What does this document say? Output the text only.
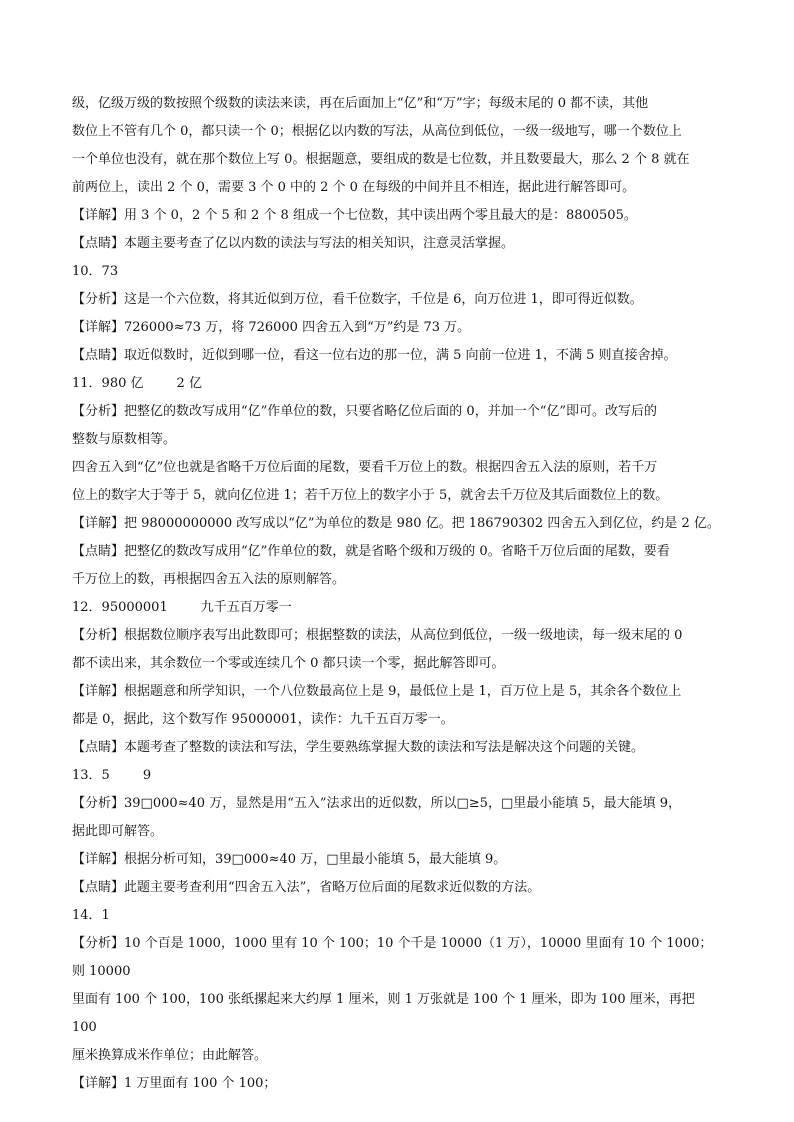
级，亿级万级的数按照个级数的读法来读，再在后面加上“亿”和“万”字；每级末尾的 0 都不读，其他

数位上不管有几个 0，都只读一个 0；根据亿以内数的写法，从高位到低位，一级一级地写，哪一个数位上

一个单位也没有，就在那个数位上写 0。根据题意，要组成的数是七位数，并且数要最大，那么 2 个 8 就在

前两位上，读出 2 个 0，需要 3 个 0 中的 2 个 0 在每级的中间并且不相连，据此进行解答即可。

【详解】用 3 个 0，2 个 5 和 2 个 8 组成一个七位数，其中读出两个零且最大的是：8800505。

【点睛】本题主要考查了亿以内数的读法与写法的相关知识，注意灵活掌握。

10．73

【分析】这是一个六位数，将其近似到万位，看千位数字，千位是 6，向万位进 1，即可得近似数。

【详解】726000≈73 万，将 726000 四舍五入到“万”约是 73 万。

【点睛】取近似数时，近似到哪一位，看这一位右边的那一位，满 5 向前一位进 1，不满 5 则直接舍掉。

11．980 亿        2 亿

【分析】把整亿的数改写成用“亿”作单位的数，只要省略亿位后面的 0，并加一个“亿”即可。改写后的

整数与原数相等。

四舍五入到“亿”位也就是省略千万位后面的尾数，要看千万位上的数。根据四舍五入法的原则，若千万

位上的数字大于等于 5，就向亿位进 1；若千万位上的数字小于 5，就舍去千万位及其后面数位上的数。

【详解】把 98000000000 改写成以“亿”为单位的数是 980 亿。把 186790302 四舍五入到亿位，约是 2 亿。

【点睛】把整亿的数改写成用“亿”作单位的数，就是省略个级和万级的 0。省略千万位后面的尾数，要看

千万位上的数，再根据四舍五入法的原则解答。

12．95000001        九千五百万零一

【分析】根据数位顺序表写出此数即可；根据整数的读法，从高位到低位，一级一级地读，每一级末尾的 0

都不读出来，其余数位一个零或连续几个 0 都只读一个零，据此解答即可。

【详解】根据题意和所学知识，一个八位数最高位上是 9，最低位上是 1，百万位上是 5，其余各个数位上

都是 0，据此，这个数写作 95000001，读作：九千五百万零一。

【点睛】本题考查了整数的读法和写法，学生要熟练掌握大数的读法和写法是解决这个问题的关键。

13．5        9

【分析】39□000≈40 万，显然是用“五入”法求出的近似数，所以□≥5，□里最小能填 5，最大能填 9，

据此即可解答。

【详解】根据分析可知，39□000≈40 万，□里最小能填 5，最大能填 9。

【点睛】此题主要考查利用“四舍五入法”，省略万位后面的尾数求近似数的方法。

14．1

【分析】10 个百是 1000，1000 里有 10 个 100；10 个千是 10000（1 万），10000 里面有 10 个 1000；则 10000

里面有 100 个 100，100 张纸摞起来大约厚 1 厘米，则 1 万张就是 100 个 1 厘米，即为 100 厘米，再把 100

厘米换算成米作单位；由此解答。

【详解】1 万里面有 100 个 100；
